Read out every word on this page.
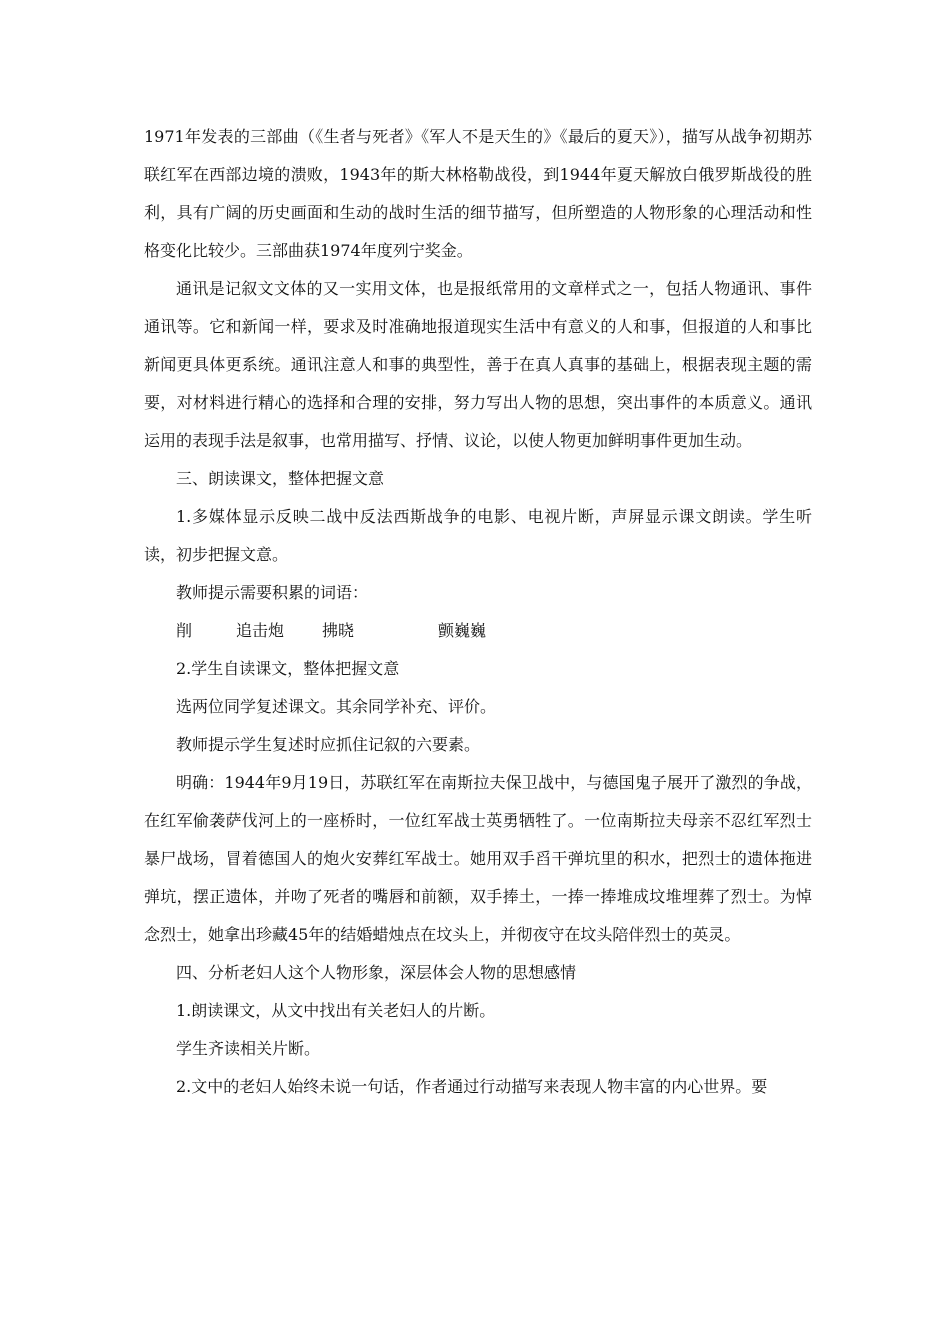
1971年发表的三部曲（《生者与死者》《军人不是天生的》《最后的夏天》），描写从战争初期苏联红军在西部边境的溃败，1943年的斯大林格勒战役，到1944年夏天解放白俄罗斯战役的胜利，具有广阔的历史画面和生动的战时生活的细节描写，但所塑造的人物形象的心理活动和性格变化比较少。三部曲获1974年度列宁奖金。

通讯是记叙文文体的又一实用文体，也是报纸常用的文章样式之一，包括人物通讯、事件通讯等。它和新闻一样，要求及时准确地报道现实生活中有意义的人和事，但报道的人和事比新闻更具体更系统。通讯注意人和事的典型性，善于在真人真事的基础上，根据表现主题的需要，对材料进行精心的选择和合理的安排，努力写出人物的思想，突出事件的本质意义。通讯运用的表现手法是叙事，也常用描写、抒情、议论，以使人物更加鲜明事件更加生动。

三、朗读课文，整体把握文意

1.多媒体显示反映二战中反法西斯战争的电影、电视片断，声屏显示课文朗读。学生听读，初步把握文意。

教师提示需要积累的词语：

削	追击炮	拂晓	颤巍巍

2.学生自读课文，整体把握文意

选两位同学复述课文。其余同学补充、评价。

教师提示学生复述时应抓住记叙的六要素。

明确：1944年9月19日，苏联红军在南斯拉夫保卫战中，与德国鬼子展开了激烈的争战，在红军偷袭萨伐河上的一座桥时，一位红军战士英勇牺牲了。一位南斯拉夫母亲不忍红军烈士暴尸战场，冒着德国人的炮火安葬红军战士。她用双手舀干弹坑里的积水，把烈士的遗体拖进弹坑，摆正遗体，并吻了死者的嘴唇和前额，双手捧土，一捧一捧堆成坟堆埋葬了烈士。为悼念烈士，她拿出珍藏45年的结婚蜡烛点在坟头上，并彻夜守在坟头陪伴烈士的英灵。

四、分析老妇人这个人物形象，深层体会人物的思想感情

1.朗读课文，从文中找出有关老妇人的片断。

学生齐读相关片断。

2.文中的老妇人始终未说一句话，作者通过行动描写来表现人物丰富的内心世界。要
